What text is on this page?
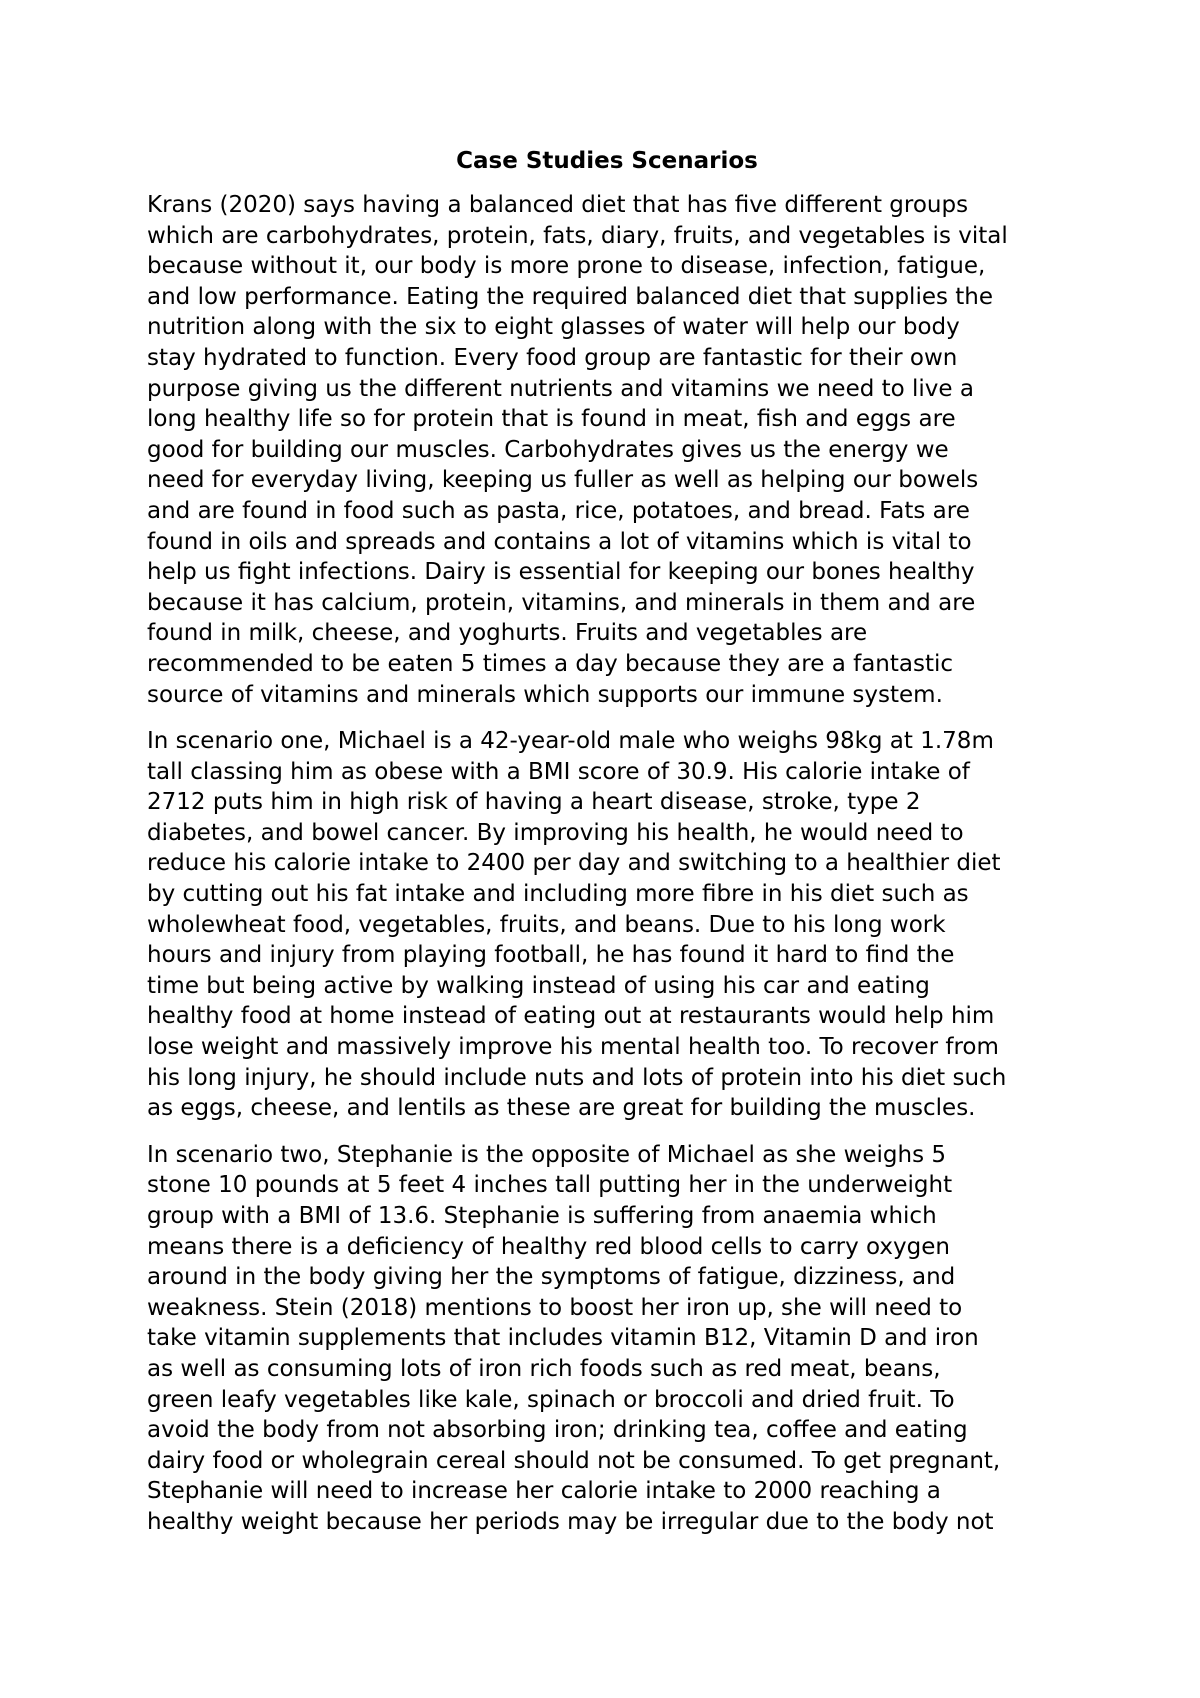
Case Studies Scenarios
Krans (2020) says having a balanced diet that has five different groups
which are carbohydrates, protein, fats, diary, fruits, and vegetables is vital
because without it, our body is more prone to disease, infection, fatigue,
and low performance. Eating the required balanced diet that supplies the
nutrition along with the six to eight glasses of water will help our body
stay hydrated to function. Every food group are fantastic for their own
purpose giving us the different nutrients and vitamins we need to live a
long healthy life so for protein that is found in meat, fish and eggs are
good for building our muscles. Carbohydrates gives us the energy we
need for everyday living, keeping us fuller as well as helping our bowels
and are found in food such as pasta, rice, potatoes, and bread. Fats are
found in oils and spreads and contains a lot of vitamins which is vital to
help us fight infections. Dairy is essential for keeping our bones healthy
because it has calcium, protein, vitamins, and minerals in them and are
found in milk, cheese, and yoghurts. Fruits and vegetables are
recommended to be eaten 5 times a day because they are a fantastic
source of vitamins and minerals which supports our immune system.
In scenario one, Michael is a 42-year-old male who weighs 98kg at 1.78m
tall classing him as obese with a BMI score of 30.9. His calorie intake of
2712 puts him in high risk of having a heart disease, stroke, type 2
diabetes, and bowel cancer. By improving his health, he would need to
reduce his calorie intake to 2400 per day and switching to a healthier diet
by cutting out his fat intake and including more fibre in his diet such as
wholewheat food, vegetables, fruits, and beans. Due to his long work
hours and injury from playing football, he has found it hard to find the
time but being active by walking instead of using his car and eating
healthy food at home instead of eating out at restaurants would help him
lose weight and massively improve his mental health too. To recover from
his long injury, he should include nuts and lots of protein into his diet such
as eggs, cheese, and lentils as these are great for building the muscles.
In scenario two, Stephanie is the opposite of Michael as she weighs 5
stone 10 pounds at 5 feet 4 inches tall putting her in the underweight
group with a BMI of 13.6. Stephanie is suffering from anaemia which
means there is a deficiency of healthy red blood cells to carry oxygen
around in the body giving her the symptoms of fatigue, dizziness, and
weakness. Stein (2018) mentions to boost her iron up, she will need to
take vitamin supplements that includes vitamin B12, Vitamin D and iron
as well as consuming lots of iron rich foods such as red meat, beans,
green leafy vegetables like kale, spinach or broccoli and dried fruit. To
avoid the body from not absorbing iron; drinking tea, coffee and eating
dairy food or wholegrain cereal should not be consumed. To get pregnant,
Stephanie will need to increase her calorie intake to 2000 reaching a
healthy weight because her periods may be irregular due to the body not
